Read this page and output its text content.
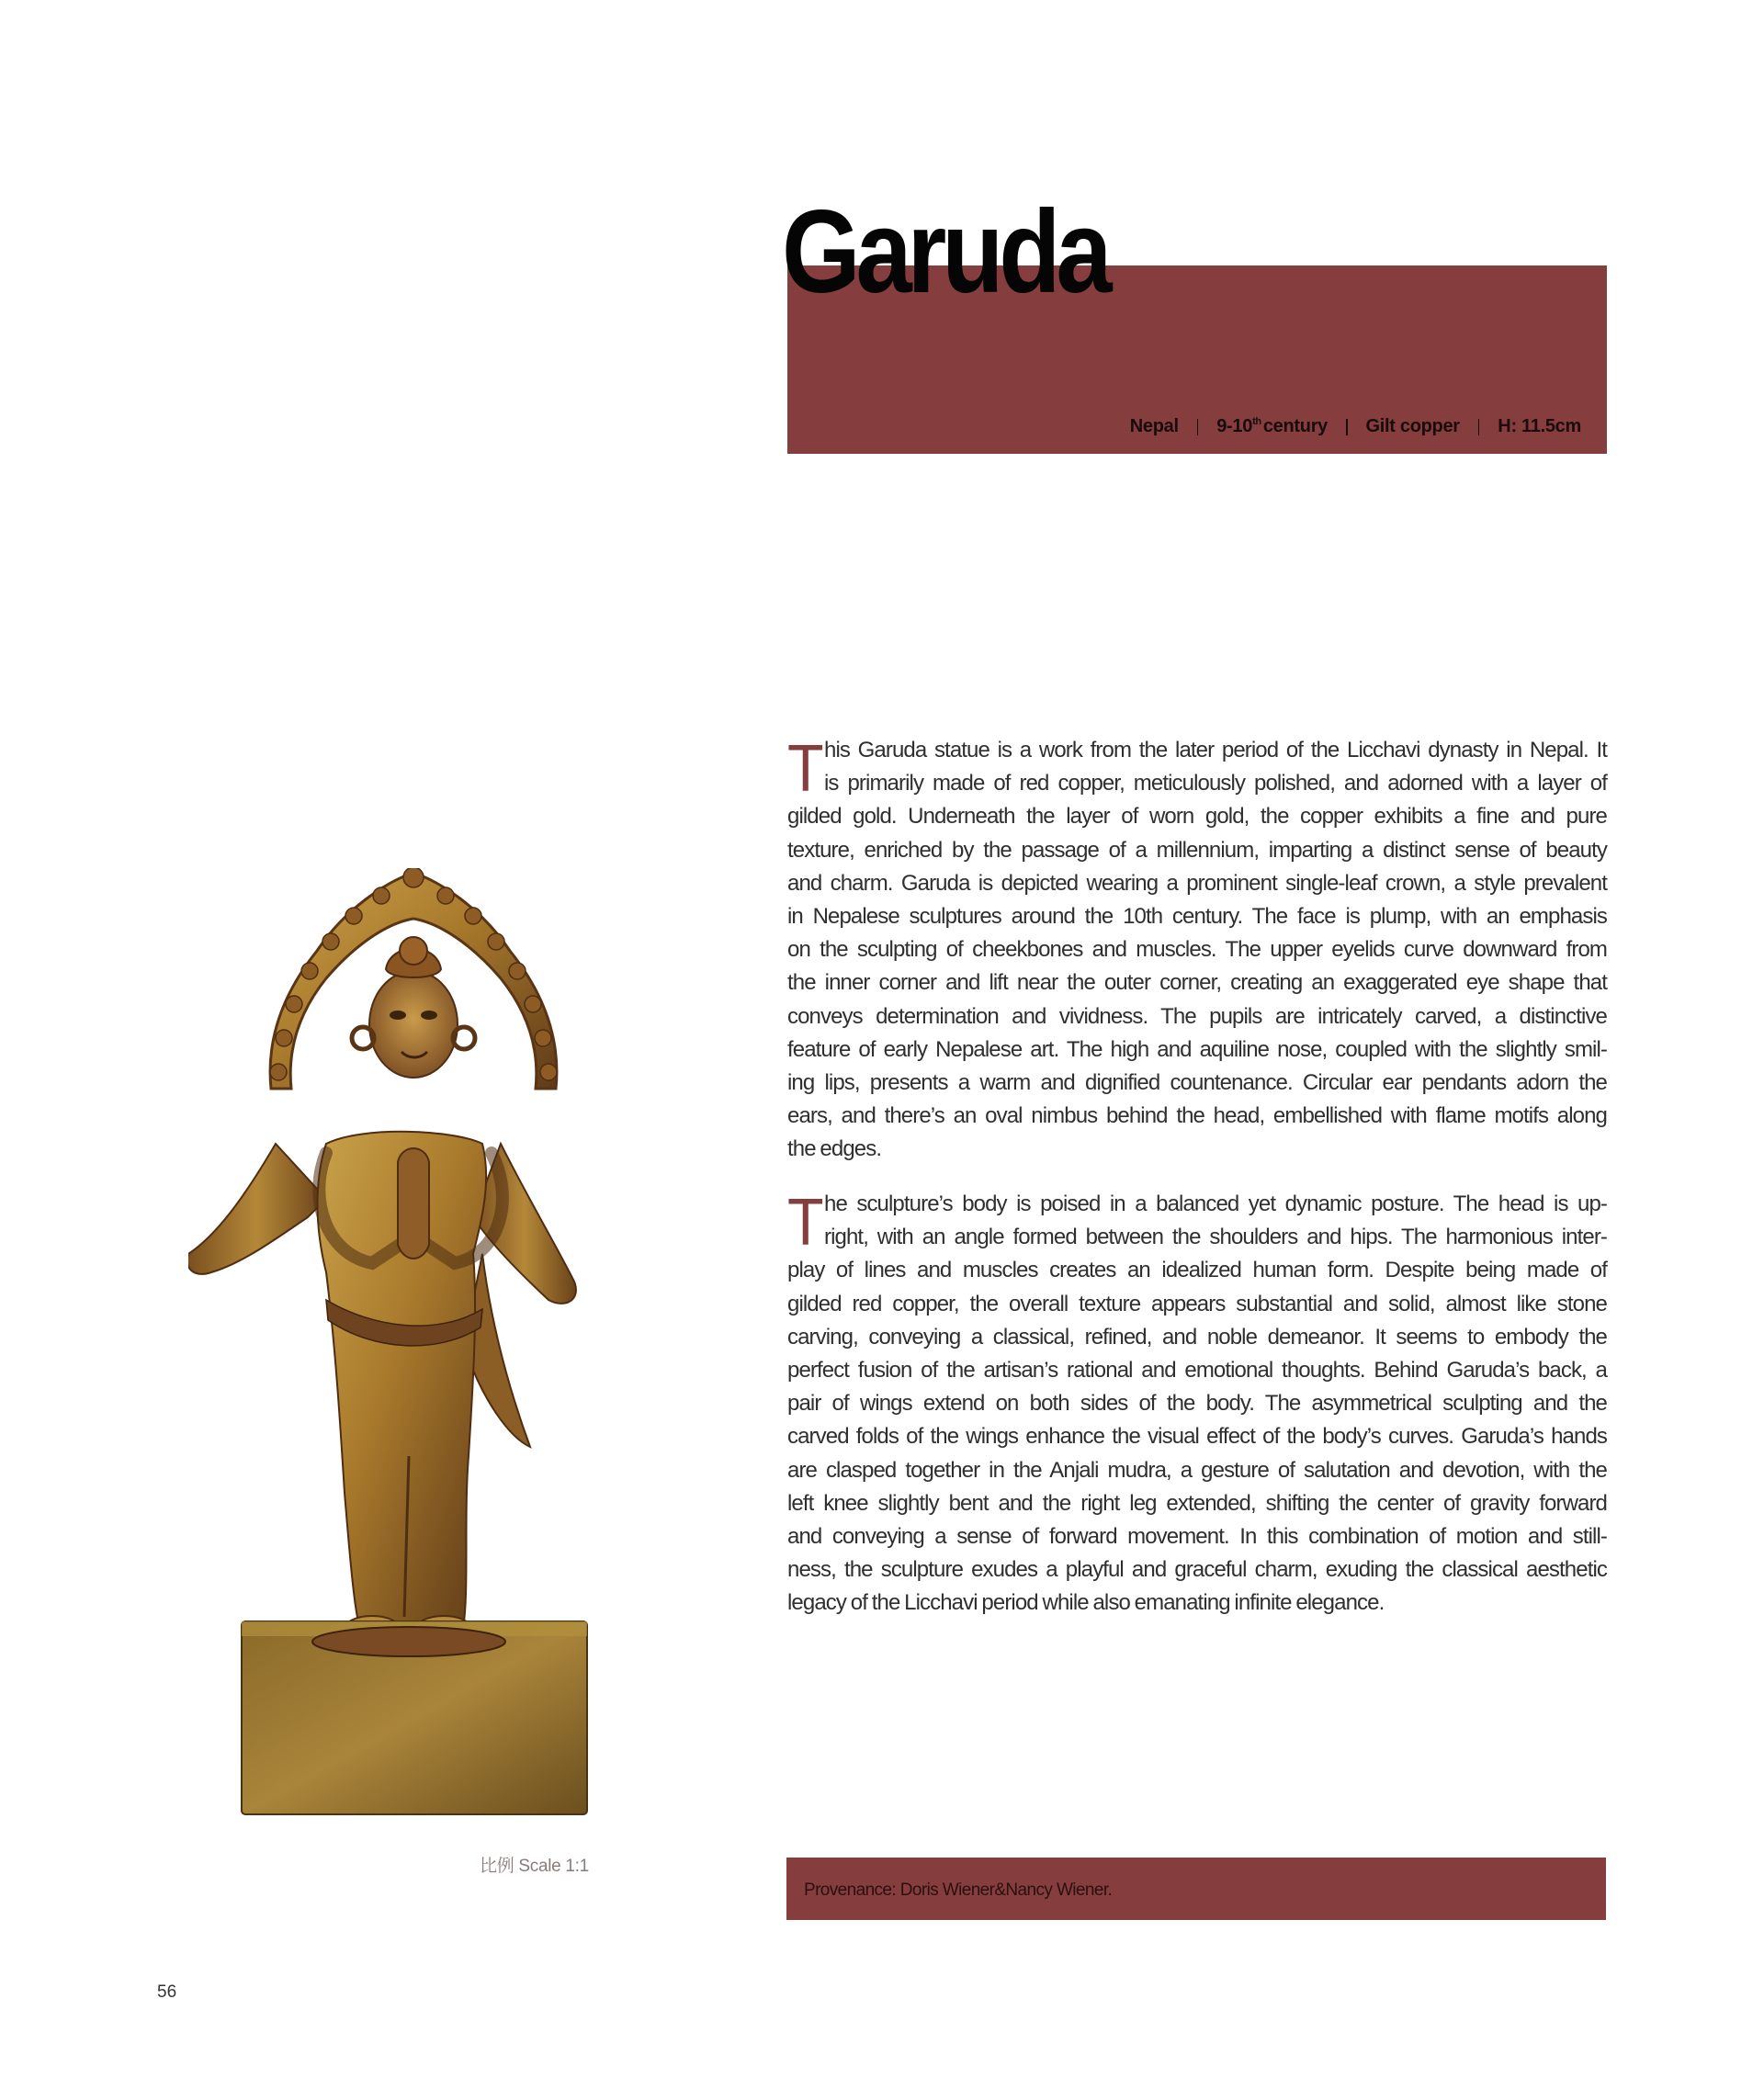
Nepal 9-10th century Gilt copper H: 11.5cm
Garuda
比例 Scale 1:1
T his Garuda statue is a work from the later period of the Licchavi dynasty in Nepal. It
is primarily made of red copper, meticulously polished, and adorned with a layer of
gilded gold. Underneath the layer of worn gold, the copper exhibits a fine and pure
texture, enriched by the passage of a millennium, imparting a distinct sense of beauty
and charm. Garuda is depicted wearing a prominent single-leaf crown, a style prevalent
in Nepalese sculptures around the 10th century. The face is plump, with an emphasis
on the sculpting of cheekbones and muscles. The upper eyelids curve downward from
the inner corner and lift near the outer corner, creating an exaggerated eye shape that
conveys determination and vividness. The pupils are intricately carved, a distinctive
feature of early Nepalese art. The high and aquiline nose, coupled with the slightly smil-
ing lips, presents a warm and dignified countenance. Circular ear pendants adorn the
ears, and there’s an oval nimbus behind the head, embellished with flame motifs along
the edges.
T he sculpture’s body is poised in a balanced yet dynamic posture. The head is up-
right, with an angle formed between the shoulders and hips. The harmonious inter-
play of lines and muscles creates an idealized human form. Despite being made of
gilded red copper, the overall texture appears substantial and solid, almost like stone
carving, conveying a classical, refined, and noble demeanor. It seems to embody the
perfect fusion of the artisan’s rational and emotional thoughts. Behind Garuda’s back, a
pair of wings extend on both sides of the body. The asymmetrical sculpting and the
carved folds of the wings enhance the visual effect of the body’s curves. Garuda’s hands
are clasped together in the Anjali mudra, a gesture of salutation and devotion, with the
left knee slightly bent and the right leg extended, shifting the center of gravity forward
and conveying a sense of forward movement. In this combination of motion and still-
ness, the sculpture exudes a playful and graceful charm, exuding the classical aesthetic
legacy of the Licchavi period while also emanating infinite elegance.
Provenance: Doris Wiener&Nancy Wiener.
56
